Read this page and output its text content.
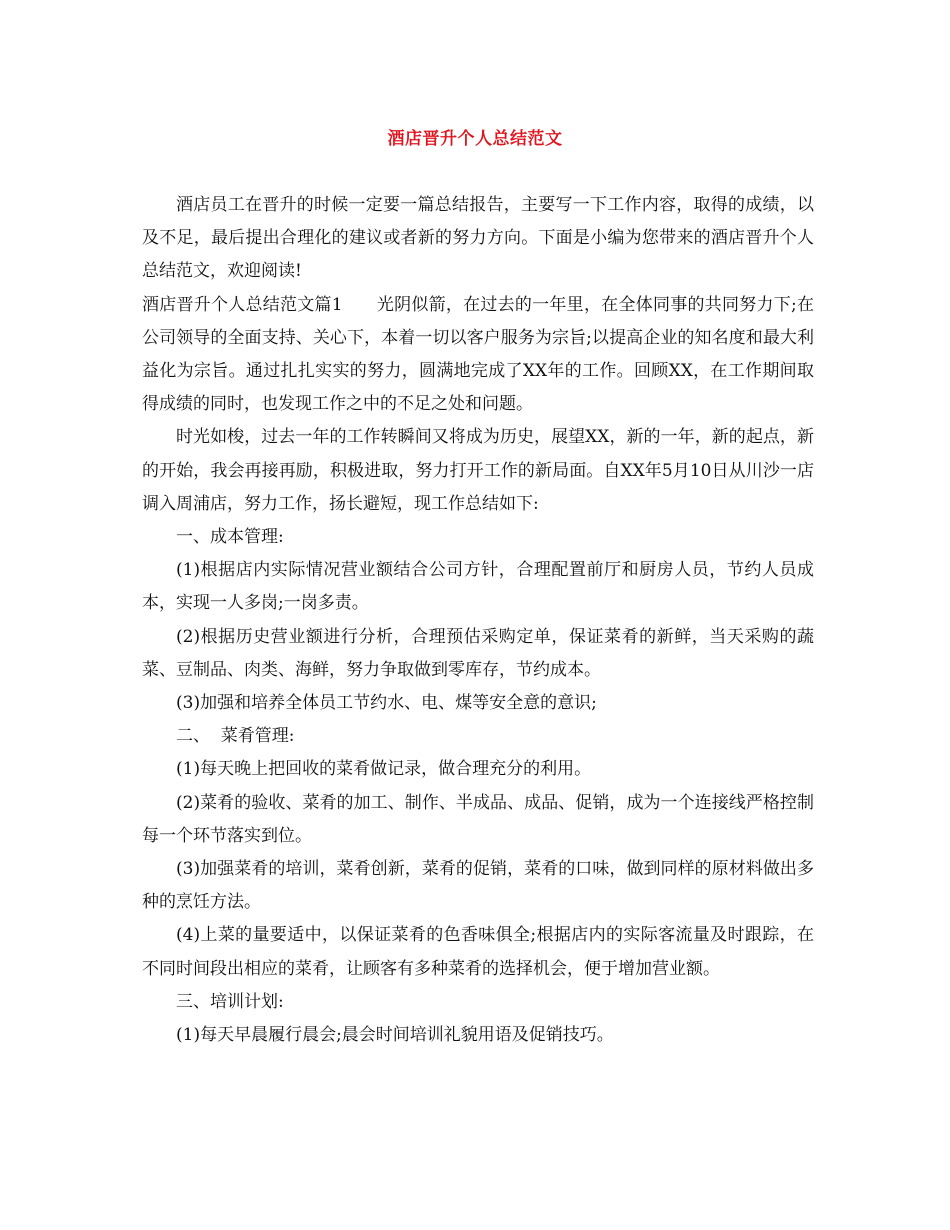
酒店晋升个人总结范文

酒店员工在晋升的时候一定要一篇总结报告，主要写一下工作内容，取得的成绩，以及不足，最后提出合理化的建议或者新的努力方向。下面是小编为您带来的酒店晋升个人总结范文，欢迎阅读!

酒店晋升个人总结范文篇1 光阴似箭，在过去的一年里，在全体同事的共同努力下;在公司领导的全面支持、关心下，本着一切以客户服务为宗旨;以提高企业的知名度和最大利益化为宗旨。通过扎扎实实的努力，圆满地完成了XX年的工作。回顾XX，在工作期间取得成绩的同时，也发现工作之中的不足之处和问题。

时光如梭，过去一年的工作转瞬间又将成为历史，展望XX，新的一年，新的起点，新的开始，我会再接再励，积极进取，努力打开工作的新局面。自XX年5月10日从川沙一店调入周浦店，努力工作，扬长避短，现工作总结如下:

一、成本管理:

(1)根据店内实际情况营业额结合公司方针，合理配置前厅和厨房人员，节约人员成本，实现一人多岗;一岗多责。

(2)根据历史营业额进行分析，合理预估采购定单，保证菜肴的新鲜，当天采购的蔬菜、豆制品、肉类、海鲜，努力争取做到零库存，节约成本。

(3)加强和培养全体员工节约水、电、煤等安全意的意识;

二、  菜肴管理:

(1)每天晚上把回收的菜肴做记录，做合理充分的利用。

(2)菜肴的验收、菜肴的加工、制作、半成品、成品、促销，成为一个连接线严格控制每一个环节落实到位。

(3)加强菜肴的培训，菜肴创新，菜肴的促销，菜肴的口味，做到同样的原材料做出多种的烹饪方法。

(4)上菜的量要适中，以保证菜肴的色香味俱全;根据店内的实际客流量及时跟踪，在不同时间段出相应的菜肴，让顾客有多种菜肴的选择机会，便于增加营业额。

三、培训计划:

(1)每天早晨履行晨会;晨会时间培训礼貌用语及促销技巧。
